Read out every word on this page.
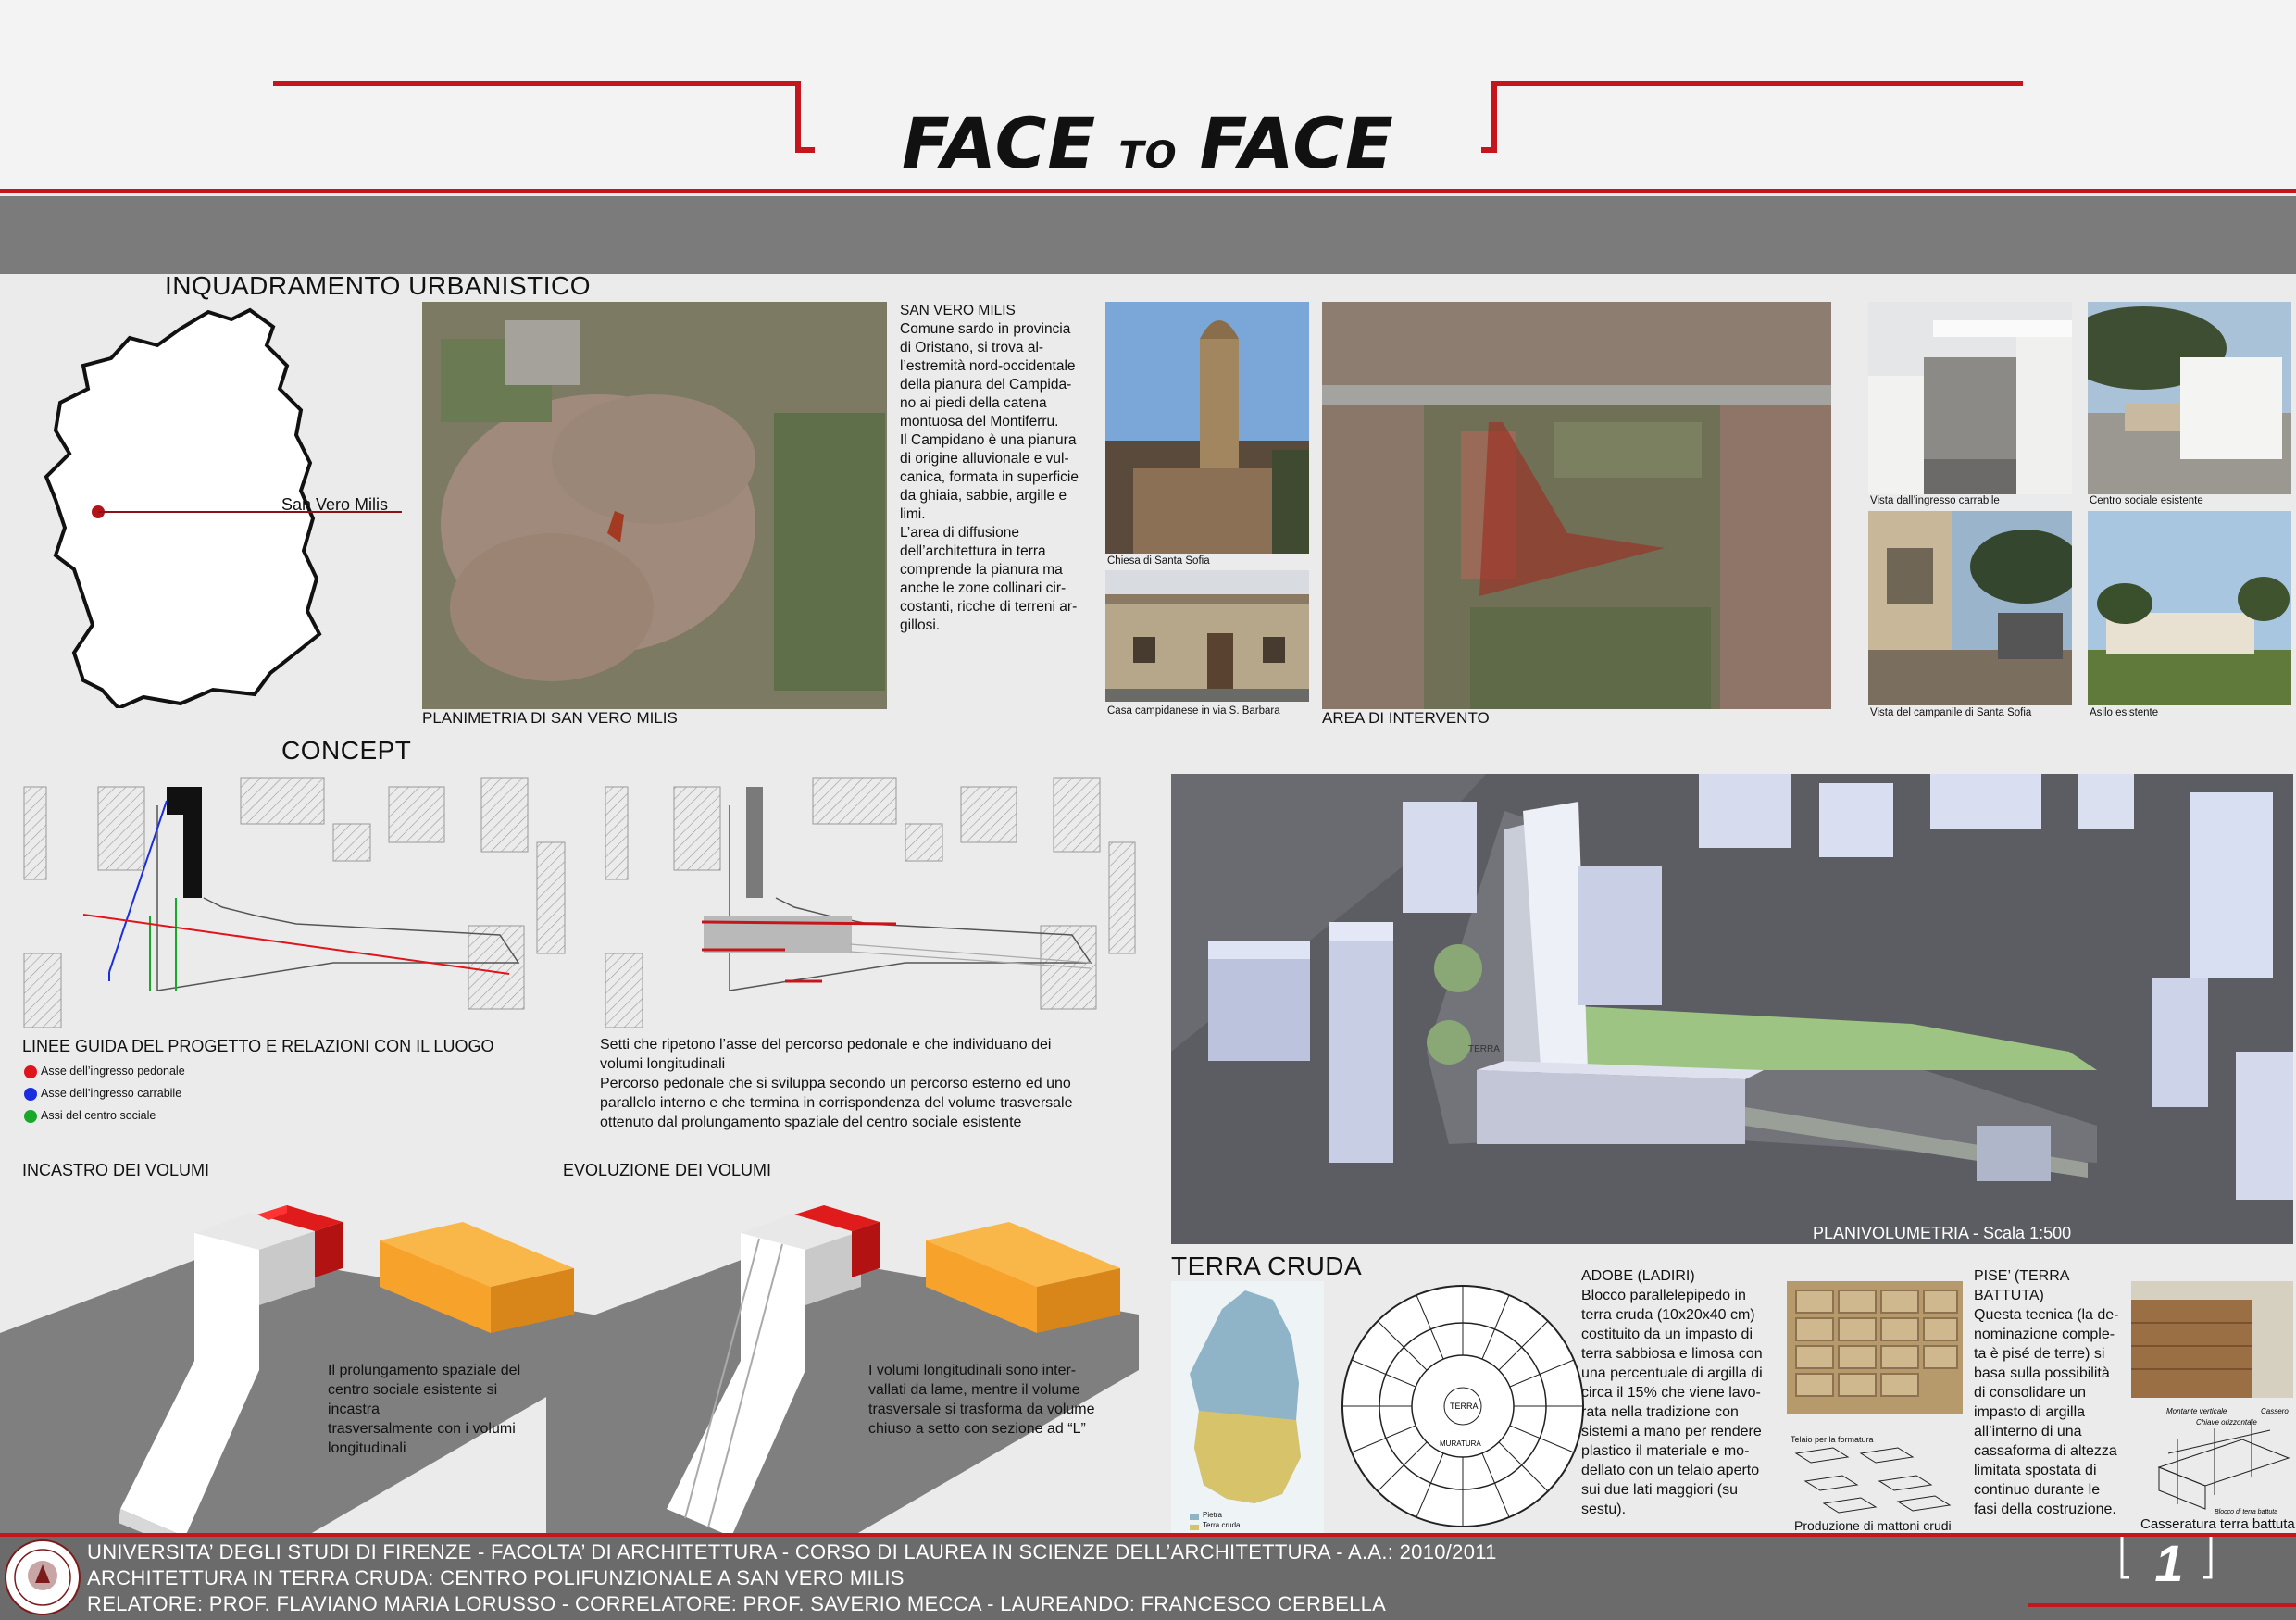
FACE TO FACE
INQUADRAMENTO URBANISTICO
San Vero Milis
PLANIMETRIA DI SAN VERO MILIS
SAN VERO MILIS
Comune sardo in provincia
di Oristano, si trova al-
l’estremità nord-occidentale
della pianura del Campida-
no ai piedi della catena
montuosa del Montiferru.
Il Campidano è una pianura
di origine alluvionale e vul-
canica, formata in superficie
da ghiaia, sabbie, argille e
limi.
L’area di diffusione
dell’architettura in terra
comprende la pianura ma
anche le zone collinari cir-
costanti, ricche di terreni ar-
gillosi.
Chiesa di Santa Sofia
Casa campidanese in via S. Barbara	AREA DI INTERVENTO
Vista dall’ingresso carrabile	Centro sociale esistente
Vista del campanile di Santa Sofia	Asilo esistente
CONCEPT
LINEE GUIDA DEL PROGETTO E RELAZIONI CON IL LUOGO
Asse dell’ingresso pedonale
Asse dell’ingresso carrabile
Assi del centro sociale
Setti che ripetono l’asse del percorso pedonale e che individuano dei
volumi longitudinali
Percorso pedonale che si sviluppa secondo un percorso esterno ed uno
parallelo interno e che termina in corrispondenza del volume trasversale
ottenuto dal prolungamento spaziale del centro sociale esistente
INCASTRO DEI VOLUMI	EVOLUZIONE DEI VOLUMI
Il prolungamento spaziale del
centro sociale esistente si incastra
trasversalmente con i volumi
longitudinali
I volumi longitudinali sono inter-
vallati da lame, mentre il volume
trasversale si trasforma da volume
chiuso a setto con sezione ad “L”
TERRA
PLANIVOLUMETRIA - Scala 1:500
TERRA CRUDA
Pietra
Terra cruda
TERRA
MURATURA
ADOBE (LADIRI)
Blocco parallelepipedo in
terra cruda (10x20x40 cm)
costituito da un impasto di
terra sabbiosa e limosa con
una percentuale di argilla di
circa il 15% che viene lavo-
rata nella tradizione con
sistemi a mano per rendere
plastico il materiale e mo-
dellato con un telaio aperto
sui due lati maggiori (su
sestu).
Telaio per la formatura
Produzione di mattoni crudi
PISE’ (TERRA BATTUTA)
Questa tecnica (la de-
nominazione comple-
ta è pisé de terre) si
basa sulla possibilità
di consolidare un
impasto di argilla
all’interno di una
cassaforma di altezza
limitata spostata di
continuo durante le
fasi della costruzione.
Montante verticale
Chiave orizzontale
Cassero
Blocco di terra battuta
Casseratura terra battuta
UNIVERSITA’ DEGLI STUDI DI FIRENZE - FACOLTA’ DI ARCHITETTURA - CORSO DI LAUREA IN SCIENZE DELL’ARCHITETTURA - A.A.: 2010/2011
ARCHITETTURA IN TERRA CRUDA: CENTRO POLIFUNZIONALE A SAN VERO MILIS
RELATORE: PROF. FLAVIANO MARIA LORUSSO - CORRELATORE: PROF. SAVERIO MECCA - LAUREANDO: FRANCESCO CERBELLA
1
